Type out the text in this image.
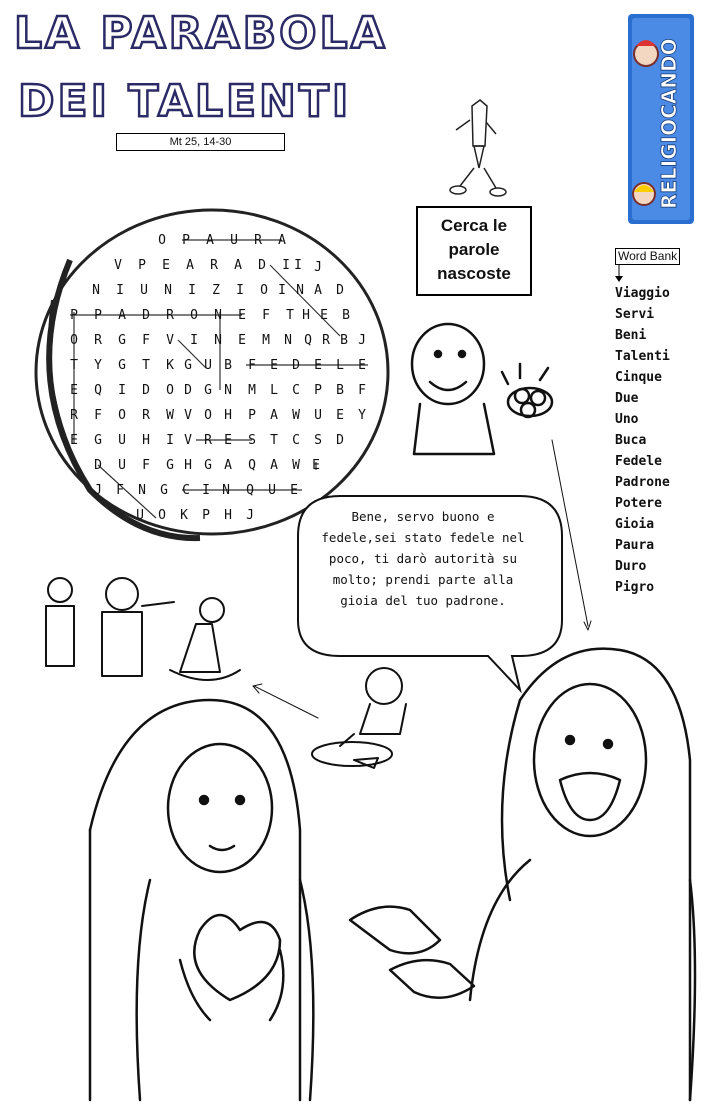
LA PARABOLA
DEI TALENTI
Mt 25, 14-30	RELIGIOCANDO
Cerca le
parole
nascoste
Word Bank
Viaggio
Servi
Beni
Talenti
Cinque
Due
Uno
Buca
Fedele
Padrone
Potere
Gioia
Paura
Duro
Pigro
O	P	A	U	R	A
V	P	E	A	R	A	D	I I J
N	I	U	N	I	Z	I	O I N A	D
P	P	A	D	R	O	N	E	F	T H E	B
O	R	G	F	V	I	N	E	M	N Q R B J
T	Y	G	T	K G U B	F	E	D	E	L	E
E	Q	I	D	O D G N	M	L	C	P	B	F
R	F	O	R	W V O H	P	A	W	U	E	Y
E	G	U	H	I V R E	S	T	C	S	D
D	U	F	G H G A	Q	A	W E
J	F	N	G	C I N	Q	U	E
U	O	K	P	H	J	Bene, servo buono e fedele,sei stato fedele nel poco, ti darò autorità su molto; prendi parte alla gioia del tuo padrone.
